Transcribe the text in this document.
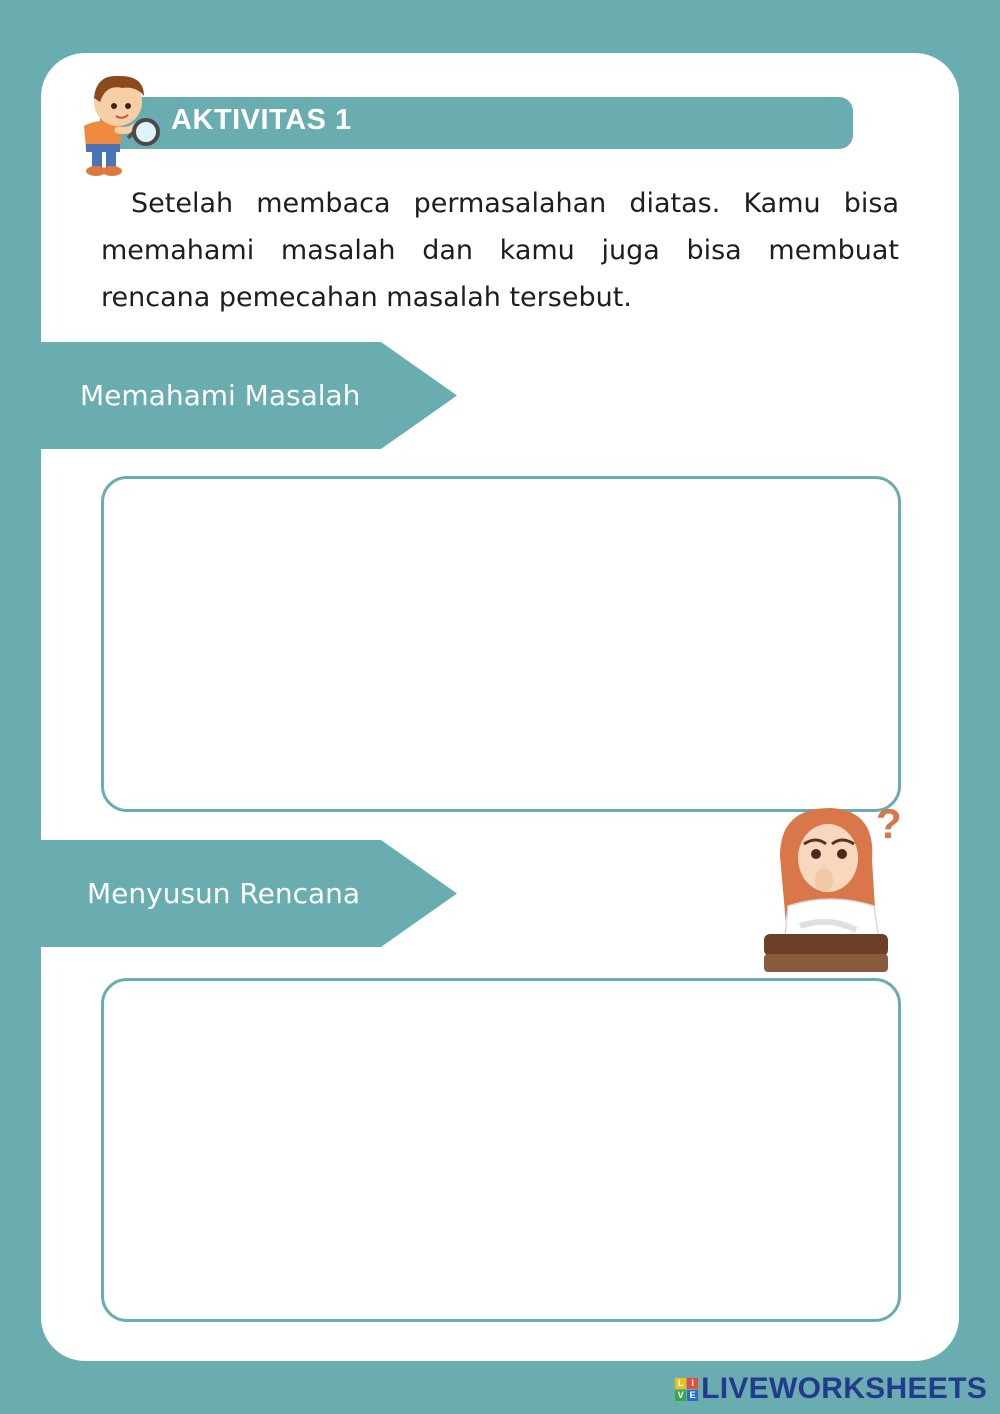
AKTIVITAS 1
Setelah membaca permasalahan diatas. Kamu bisa memahami masalah dan kamu juga bisa membuat rencana pemecahan masalah tersebut.
Memahami Masalah
Menyusun Rencana
?
L I
V E LIVEWORKSHEETS
